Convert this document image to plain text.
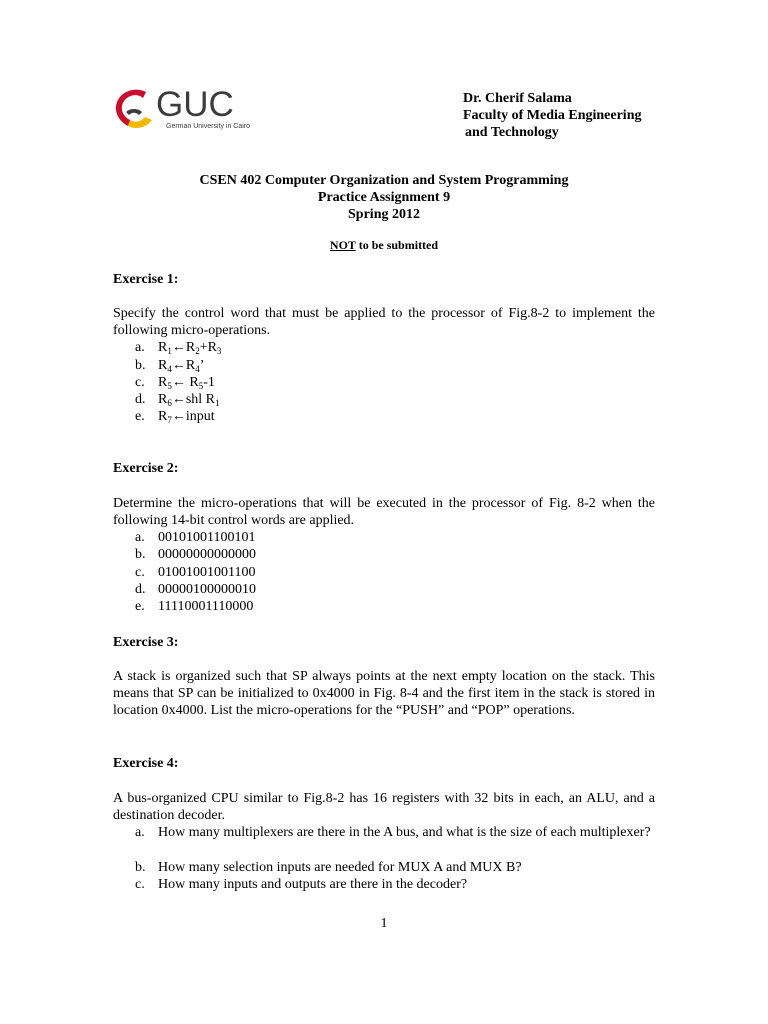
GUC
German University in Cairo
Dr. Cherif Salama
Faculty of Media Engineering
and Technology
CSEN 402 Computer Organization and System Programming
Practice Assignment 9
Spring 2012
NOT to be submitted
Exercise 1:
Specify the control word that must be applied to the processor of Fig.8-2 to implement the following micro-operations.
a. $R_1\leftarrow R_2+R_3$
b. $R_4\leftarrow R_4$’
c. $R_5\leftarrow$ $R_5-1$
d. $R_6\leftarrow shl$ $R_1$
e. $R_7\leftarrow input$
Exercise 2:
Determine the micro-operations that will be executed in the processor of Fig. 8-2 when the following 14-bit control words are applied.
a. 00101001100101
b. 00000000000000
c. 01001001001100
d. 00000100000010
e. 11110001110000
Exercise 3:
A stack is organized such that SP always points at the next empty location on the stack. This means that SP can be initialized to 0x4000 in Fig. 8-4 and the first item in the stack is stored in location 0x4000. List the micro-operations for the “PUSH” and “POP” operations.
Exercise 4:
A bus-organized CPU similar to Fig.8-2 has 16 registers with 32 bits in each, an ALU, and a destination decoder.
a. How many multiplexers are there in the A bus, and what is the size of each multiplexer?
b. How many selection inputs are needed for MUX A and MUX B?
c. How many inputs and outputs are there in the decoder?
1
